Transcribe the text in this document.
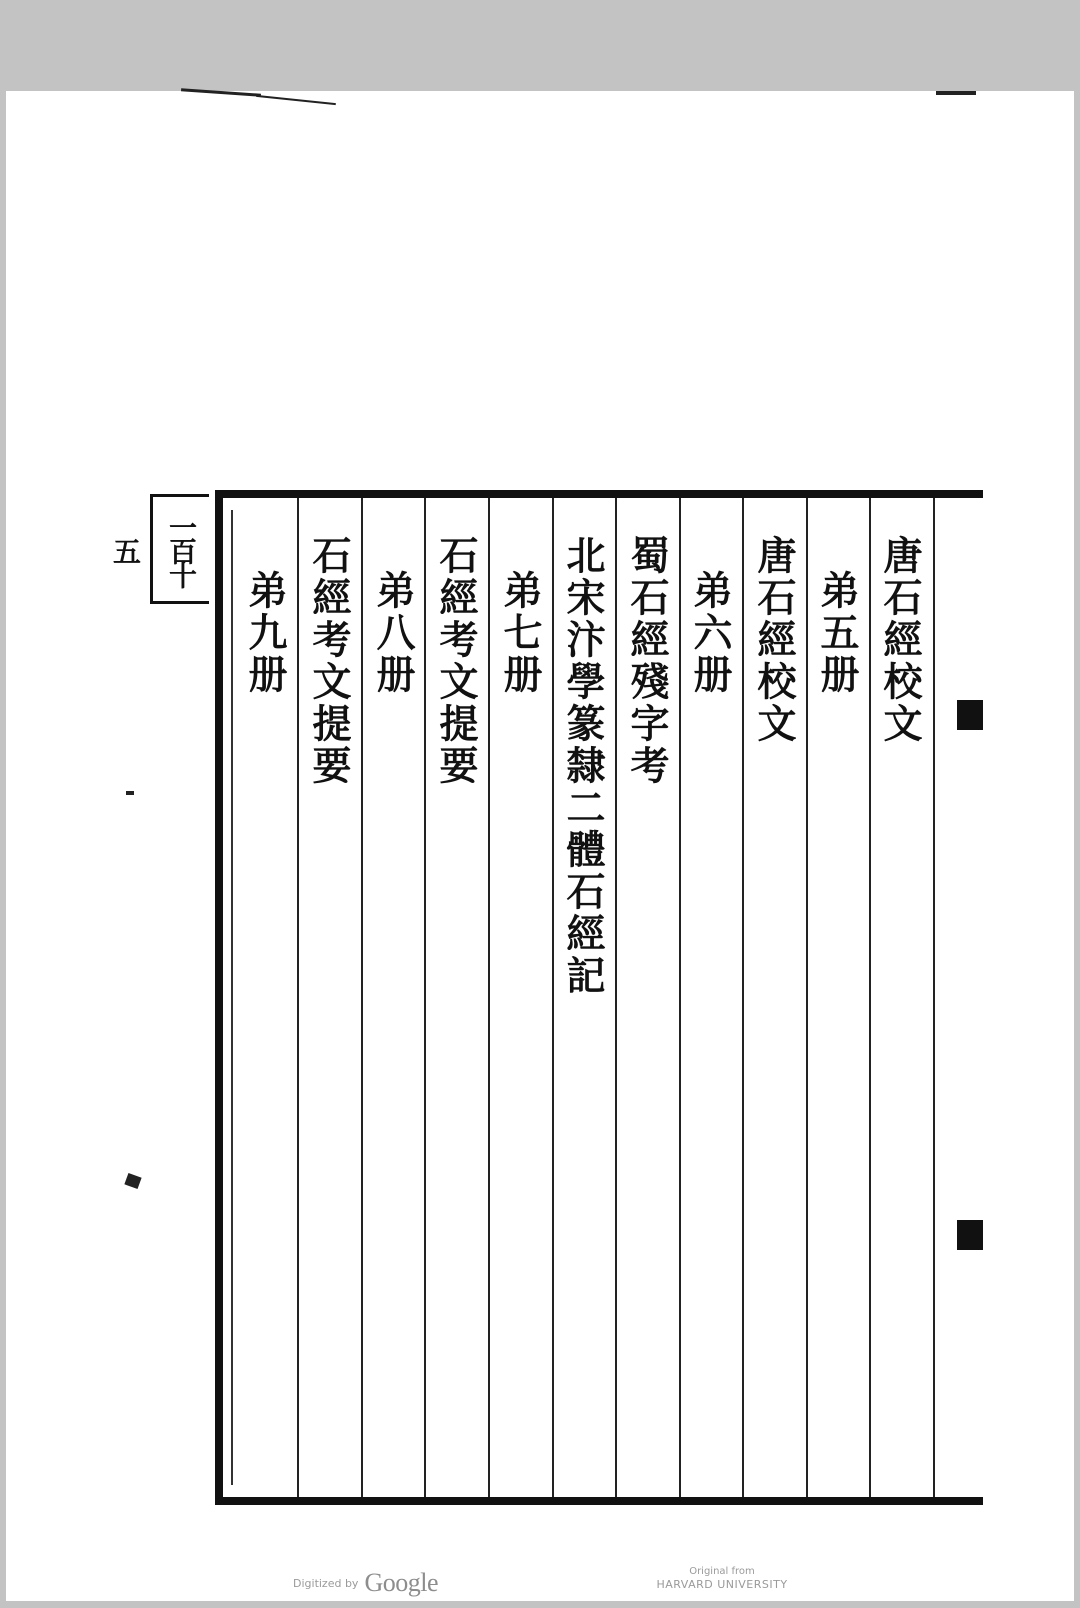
一百十五	唐石經校文
弟五册
唐石經校文
弟六册
蜀石經殘字考
北宋汴學篆隸二體石經記
弟七册
石經考文提要
弟八册
石經考文提要
弟九册
Digitized by Google	Original from
HARVARD UNIVERSITY
